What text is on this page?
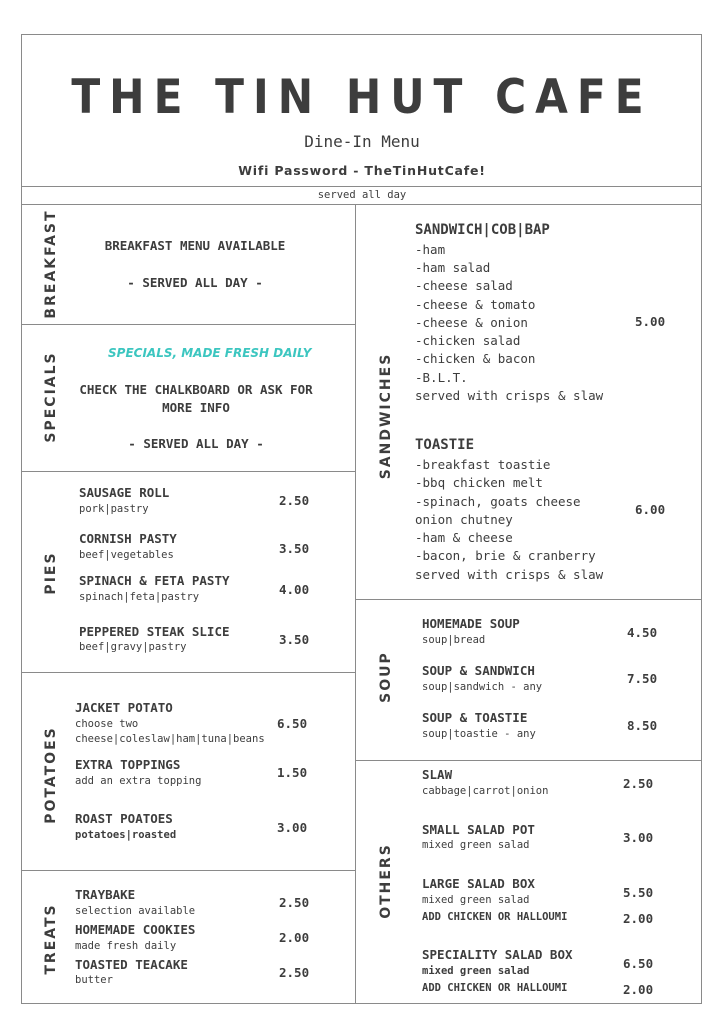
THE TIN HUT CAFE
Dine-In Menu
Wifi Password - TheTinHutCafe!
served all day
BREAKFAST	BREAKFAST MENU AVAILABLE
- SERVED ALL DAY -
SPECIALS	SPECIALS, MADE FRESH DAILY
CHECK THE CHALKBOARD OR ASK FOR
MORE INFO
- SERVED ALL DAY -
PIES
SAUSAGE ROLL
pork|pastry
2.50
CORNISH PASTY
beef|vegetables	3.50
SPINACH & FETA PASTY
spinach|feta|pastry	4.00
PEPPERED STEAK SLICE
beef|gravy|pastry	3.50
POTATOES
JACKET POTATO
choose two
cheese|coleslaw|ham|tuna|beans
6.50
EXTRA TOPPINGS
add an extra topping
1.50
ROAST POATOES
potatoes|roasted	3.00
TREATS
TRAYBAKE
selection available
2.50
HOMEMADE COOKIES
made fresh daily
2.00
TOASTED TEACAKE
butter	2.50
SANDWICHES
SANDWICH|COB|BAP
-ham
-ham salad
-cheese salad
-cheese & tomato
-cheese & onion
-chicken salad
-chicken & bacon
-B.L.T.
served with crisps & slaw
5.00
TOASTIE
-breakfast toastie
-bbq chicken melt
-spinach, goats cheese
onion chutney
-ham & cheese
-bacon, brie & cranberry
served with crisps & slaw
6.00
SOUP
HOMEMADE SOUP
soup|bread	4.50
SOUP & SANDWICH
soup|sandwich - any
7.50
SOUP & TOASTIE
soup|toastie - any
8.50
OTHERS
SLAW
cabbage|carrot|onion	2.50
SMALL SALAD POT
mixed green salad	3.00
LARGE SALAD BOX
mixed green salad	5.50
ADD CHICKEN OR HALLOUMI	2.00
SPECIALITY SALAD BOX
mixed green salad	6.50
ADD CHICKEN OR HALLOUMI	2.00
